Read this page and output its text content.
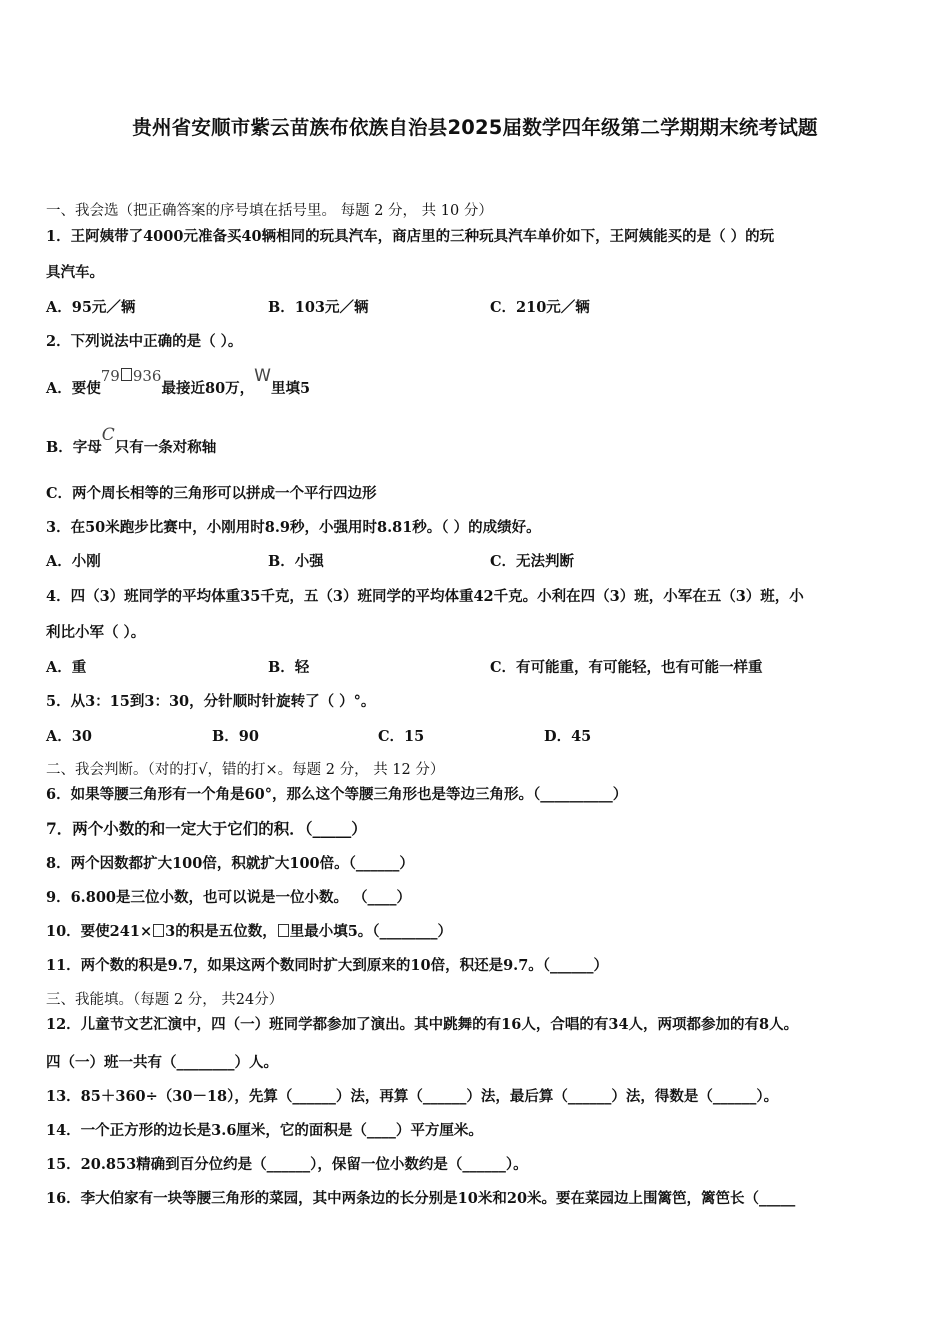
贵州省安顺市紫云苗族布依族自治县2025届数学四年级第二学期期末统考试题
一、我会选（把正确答案的序号填在括号里。 每题 2 分， 共 10 分）
1．王阿姨带了4000元准备买40辆相同的玩具汽车，商店里的三种玩具汽车单价如下，王阿姨能买的是（ ）的玩
具汽车。
A．95元／辆	B．103元／辆	C．210元／辆
2．下列说法中正确的是（ ）。
A．要使79 936最接近80万，W里填5
B．字母C只有一条对称轴
C．两个周长相等的三角形可以拼成一个平行四边形
3．在50米跑步比赛中，小刚用时8.9秒，小强用时8.81秒。（ ）的成绩好。
A．小刚	B．小强	C．无法判断
4．四（3）班同学的平均体重35千克，五（3）班同学的平均体重42千克。小利在四（3）班，小军在五（3）班，小
利比小军（ ）。
A．重	B．轻	C．有可能重，有可能轻，也有可能一样重
5．从3：15到3：30，分针顺时针旋转了（ ）°。
A．30	B．90	C．15	D．45
二、我会判断。（对的打√，错的打×。每题 2 分， 共 12 分）
6．如果等腰三角形有一个角是60°，那么这个等腰三角形也是等边三角形。（__________）
7．两个小数的和一定大于它们的积．（_____）
8．两个因数都扩大100倍，积就扩大100倍。（______）
9．6.800是三位小数，也可以说是一位小数。 （____）
10．要使241× 3的积是五位数， 里最小填5。（________）
11．两个数的积是9.7，如果这两个数同时扩大到原来的10倍，积还是9.7。（______）
三、我能填。（每题 2 分， 共24分）
12．儿童节文艺汇演中，四（一）班同学都参加了演出。其中跳舞的有16人，合唱的有34人，两项都参加的有8人。
四（一）班一共有（________）人。
13．85＋360÷（30－18），先算（______）法，再算（______）法，最后算（______）法，得数是（______）。
14．一个正方形的边长是3.6厘米，它的面积是（____）平方厘米。
15．20.853精确到百分位约是（______），保留一位小数约是（______）。
16．李大伯家有一块等腰三角形的菜园，其中两条边的长分别是10米和20米。要在菜园边上围篱笆，篱笆长（_____
